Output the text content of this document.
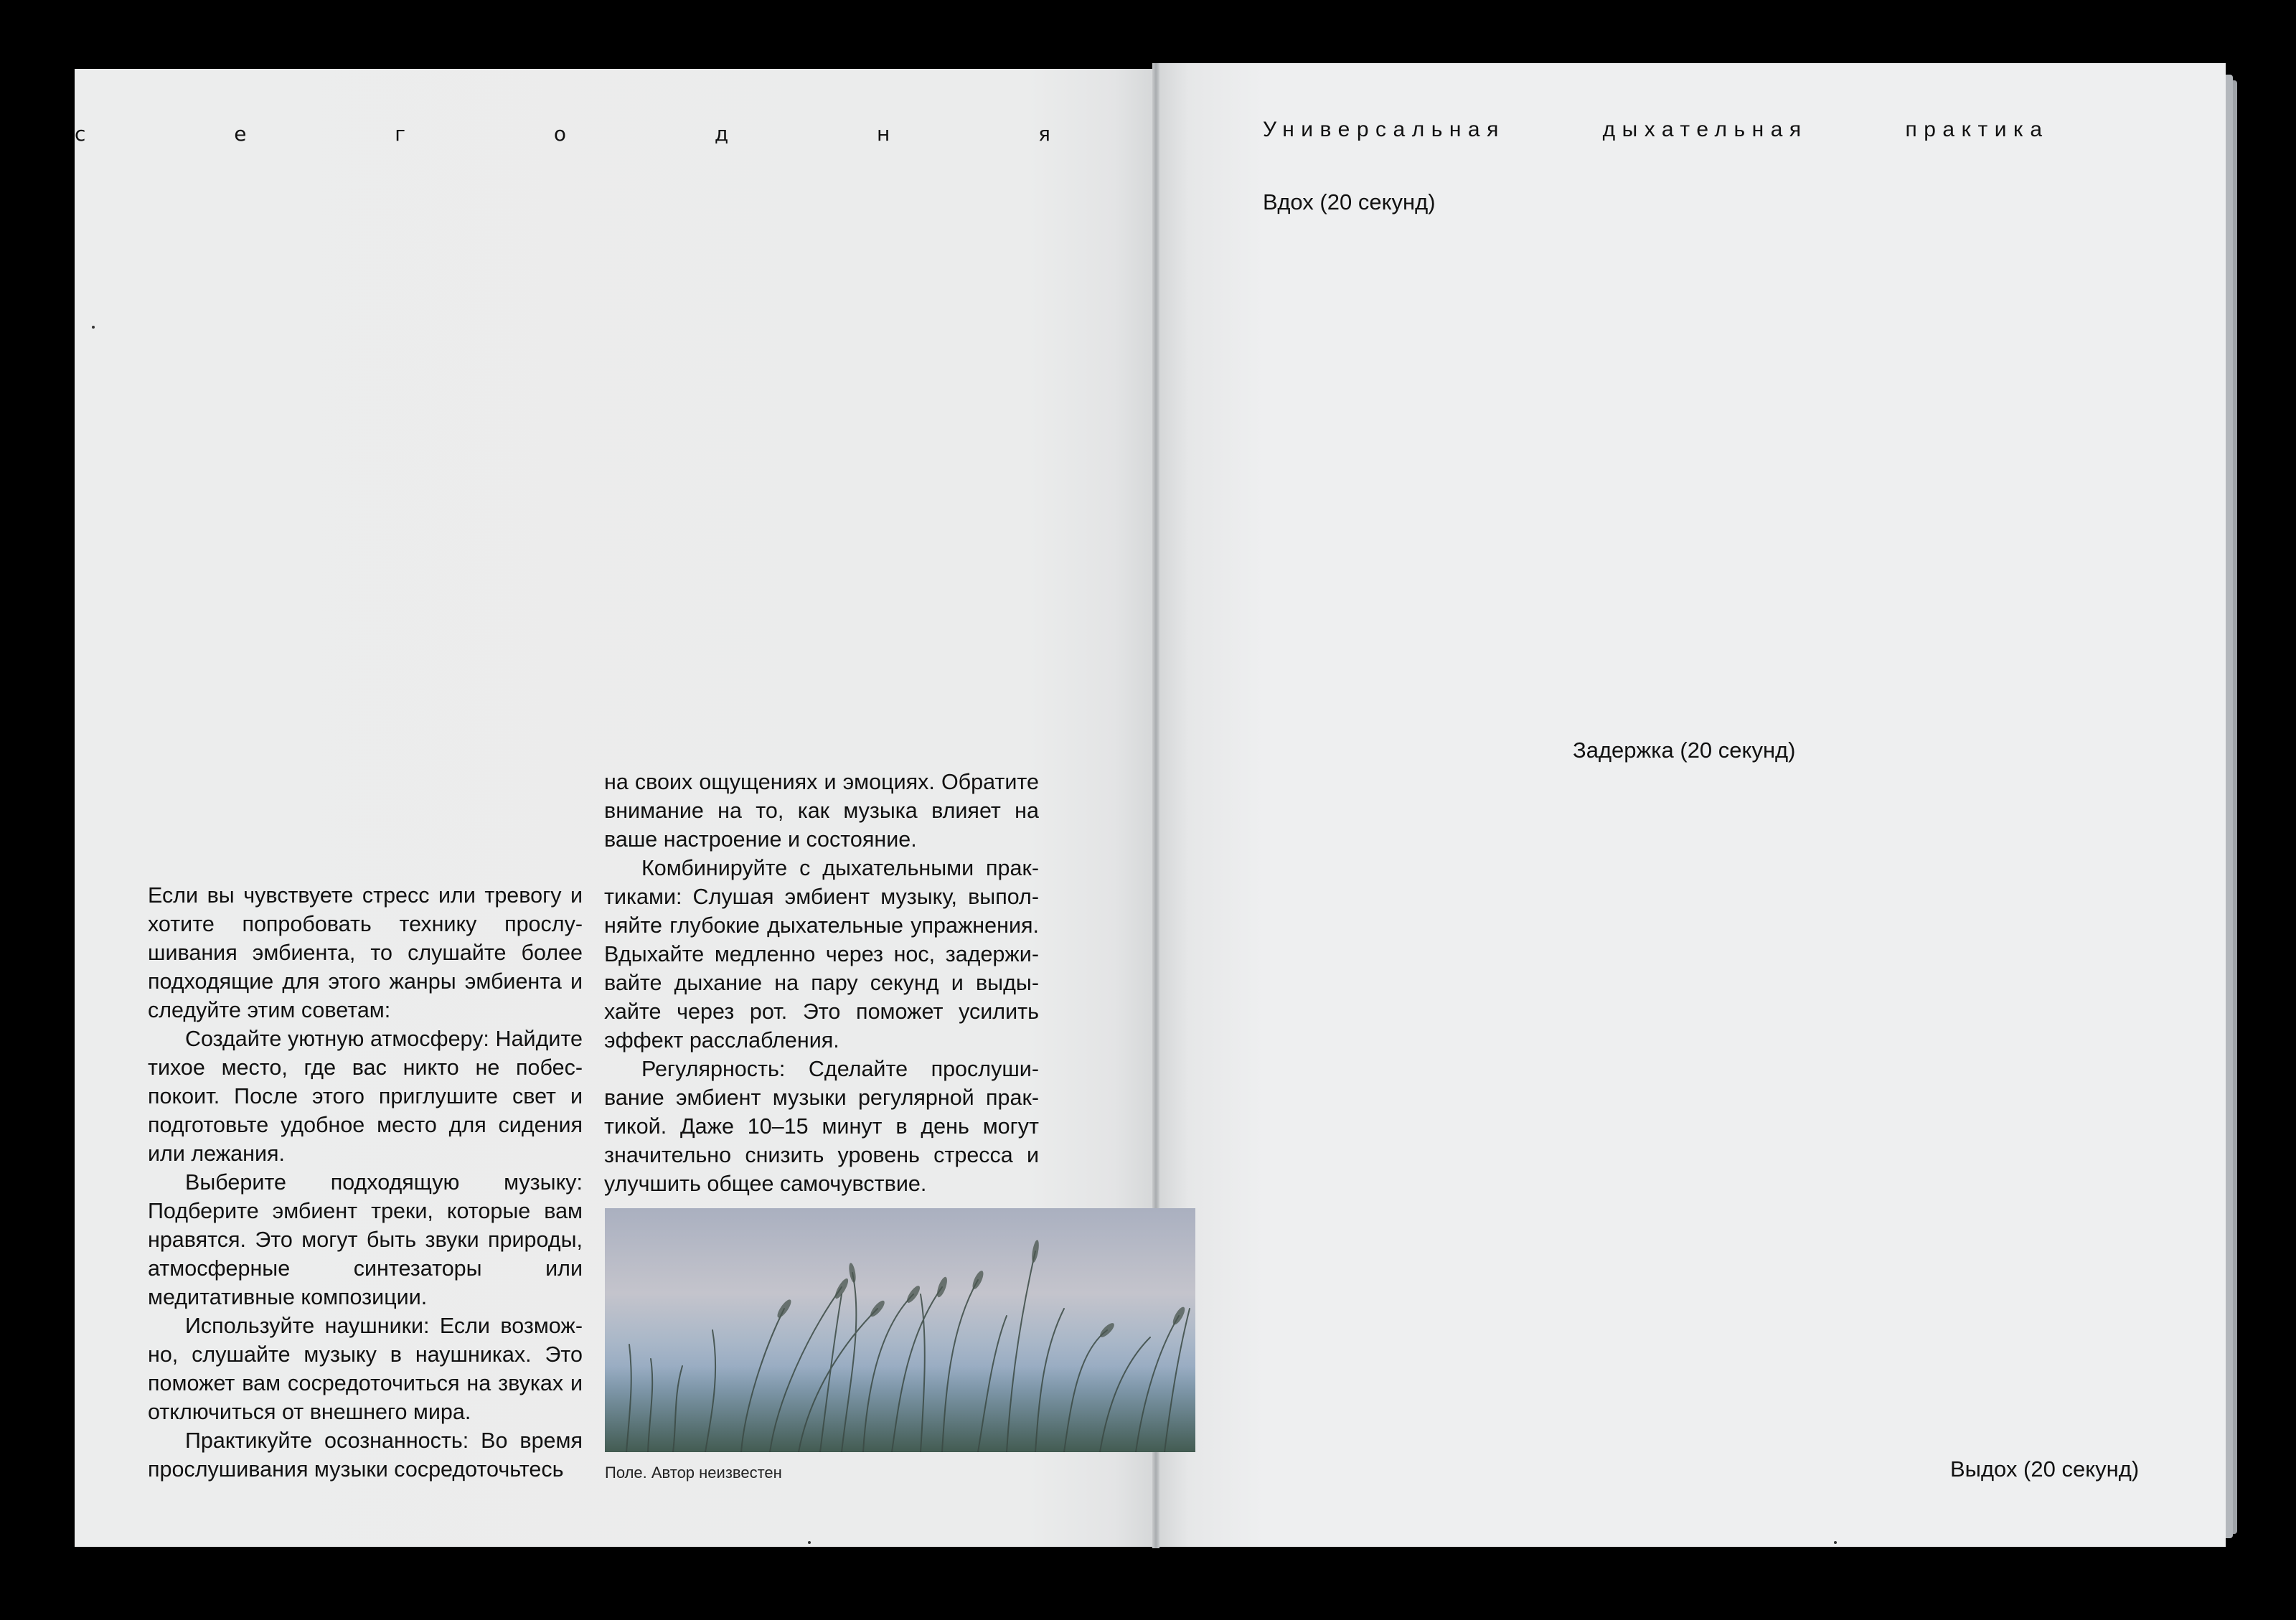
с	е	г	о	д	н	я	Универсальная дыхательная практика
Вдох (20 секунд)
Задержка (20 секунд)
Выдох (20 секунд)

на своих ощущениях и эмоциях. Обратите внимание на то, как музыка влияет на ваше настроение и состояние.

Комбинируйте с дыхательными практиками: Слушая эмбиент музыку, выполняйте глубокие дыхательные упражнения. Вдыхайте медленно через нос, задерживайте дыхание на пару секунд и выдыхайте через рот. Это поможет усилить эффект расслабления.

Регулярность: Сделайте прослушивание эмбиент музыки регулярной практикой. Даже 10–15 минут в день могут значительно снизить уровень стресса и улучшить общее самочувствие.

Если вы чувствуете стресс или тревогу и хотите попробовать технику прослушивания эмбиента, то слушайте более подходящие для этого жанры эмбиента и следуйте этим советам:

Создайте уютную атмосферу: Найдите тихое место, где вас никто не побеспокоит. После этого приглушите свет и подготовьте удобное место для сидения или лежания.

Выберите подходящую музыку: Подберите эмбиент треки, которые вам нравятся. Это могут быть звуки природы, атмосферные синтезаторы или медитативные композиции.

Используйте наушники: Если возможно, слушайте музыку в наушниках. Это поможет вам сосредоточиться на звуках и отключиться от внешнего мира.

Практикуйте осознанность: Во время прослушивания музыки сосредоточьтесь	Поле. Автор неизвестен
